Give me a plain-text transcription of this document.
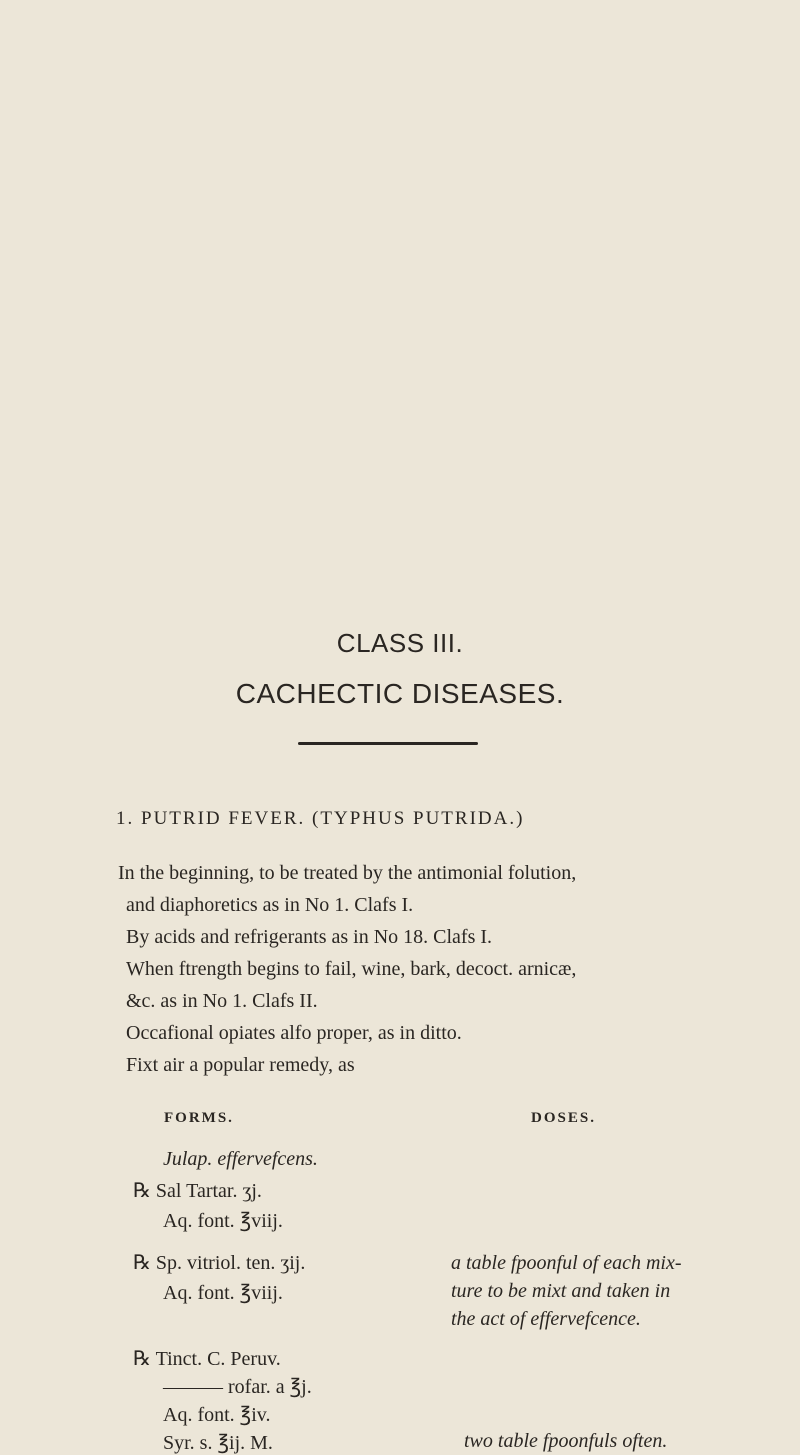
CLASS III.
CACHECTIC DISEASES.
1. PUTRID FEVER. (TYPHUS PUTRIDA.)
In the beginning, to be treated by the antimonial folution,
and diaphoretics as in No 1. Clafs I.
By acids and refrigerants as in No 18. Clafs I.
When ftrength begins to fail, wine, bark, decoct. arnicæ,
&c. as in No 1. Clafs II.
Occafional opiates alfo proper, as in ditto.
Fixt air a popular remedy, as
FORMS.	DOSES.
Julap. effervefcens.
℞ Sal Tartar. ʒj.
Aq. font. ℥viij.
℞ Sp. vitriol. ten. ʒij.
Aq. font. ℥viij.
a table fpoonful of each mix-
ture to be mixt and taken in
the act of effervefcence.
℞ Tinct. C. Peruv.
——— rofar. a ℥j.
Aq. font. ℥iv.
Syr. s. ℥ij. M.	two table fpoonfuls often.
